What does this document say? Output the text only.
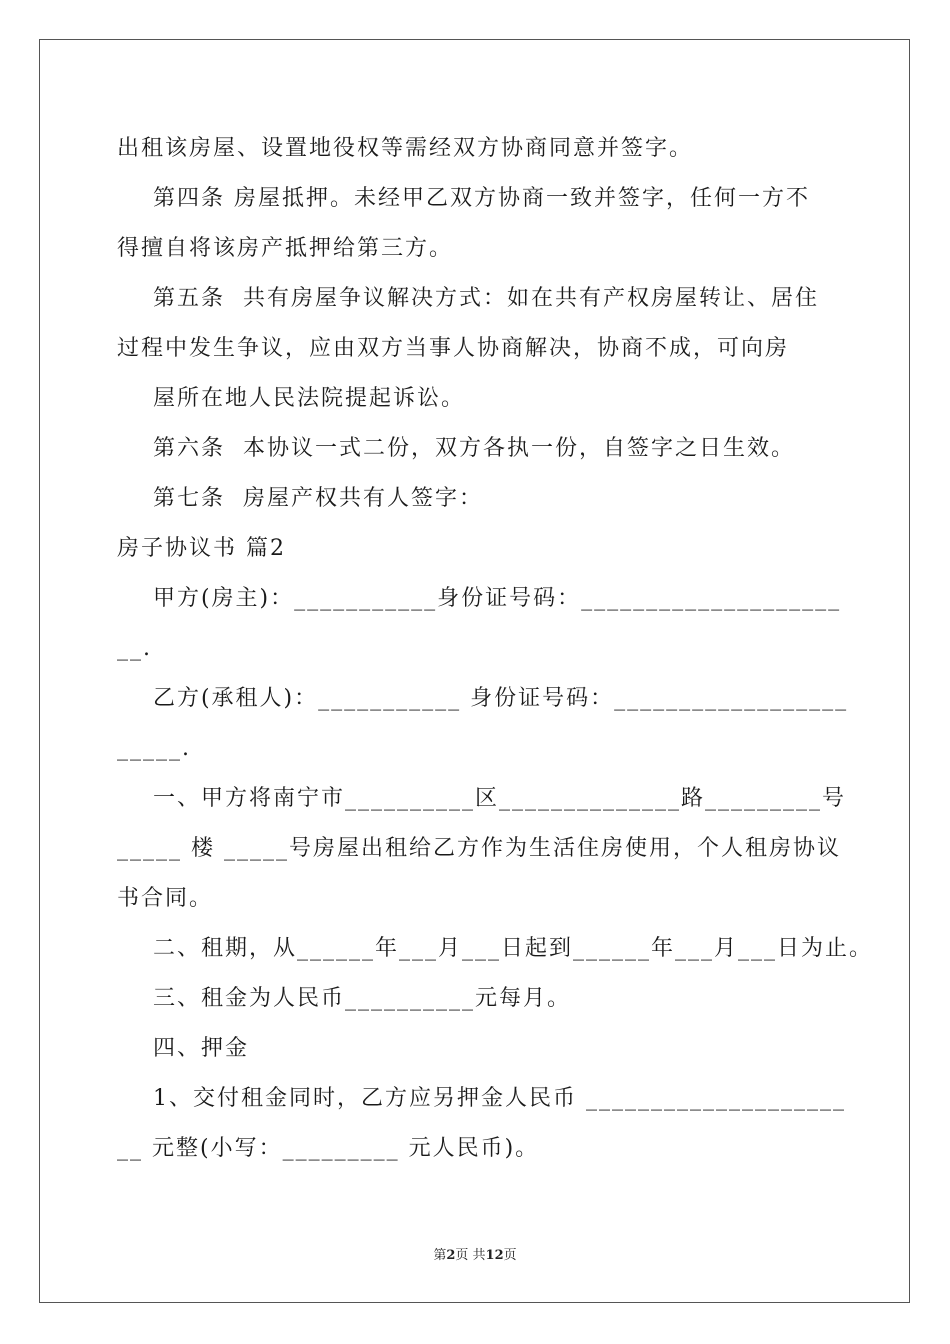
出租该房屋、设置地役权等需经双方协商同意并签字。
第四条 房屋抵押。未经甲乙双方协商一致并签字，任何一方不
得擅自将该房产抵押给第三方。
第五条  共有房屋争议解决方式：如在共有产权房屋转让、居住
过程中发生争议，应由双方当事人协商解决，协商不成，可向房
屋所在地人民法院提起诉讼。
第六条  本协议一式二份，双方各执一份，自签字之日生效。
第七条  房屋产权共有人签字：
房子协议书 篇2
甲方(房主)：___________身份证号码：____________________
__.
乙方(承租人)：___________ 身份证号码：__________________
_____.
一、甲方将南宁市__________区______________路_________号
_____ 楼 _____号房屋出租给乙方作为生活住房使用，个人租房协议
书合同。
二、租期，从______年___月___日起到______年___月___日为止。
三、租金为人民币__________元每月。
四、押金
1、交付租金同时，乙方应另押金人民币 ____________________
__ 元整(小写：_________ 元人民币)。
第2页 共12页
